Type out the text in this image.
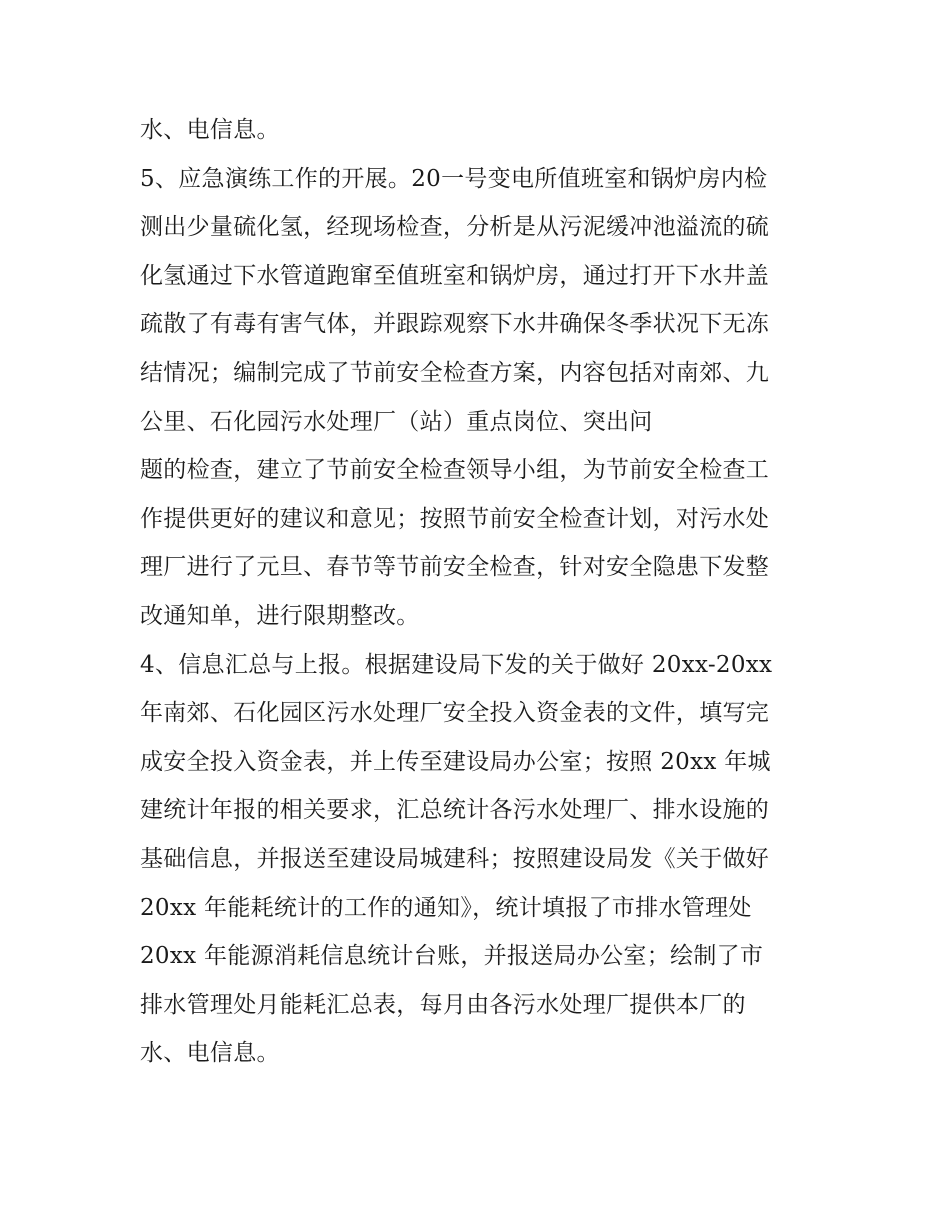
水、电信息。
5、应急演练工作的开展。20一号变电所值班室和锅炉房内检
测出少量硫化氢，经现场检查，分析是从污泥缓冲池溢流的硫
化氢通过下水管道跑窜至值班室和锅炉房，通过打开下水井盖
疏散了有毒有害气体，并跟踪观察下水井确保冬季状况下无冻
结情况；编制完成了节前安全检查方案，内容包括对南郊、九
公里、石化园污水处理厂（站）重点岗位、突出问
题的检查，建立了节前安全检查领导小组，为节前安全检查工
作提供更好的建议和意见；按照节前安全检查计划，对污水处
理厂进行了元旦、春节等节前安全检查，针对安全隐患下发整
改通知单，进行限期整改。
4、信息汇总与上报。根据建设局下发的关于做好 20xx-20xx
年南郊、石化园区污水处理厂安全投入资金表的文件，填写完
成安全投入资金表，并上传至建设局办公室；按照 20xx 年城
建统计年报的相关要求，汇总统计各污水处理厂、排水设施的
基础信息，并报送至建设局城建科；按照建设局发《关于做好
20xx 年能耗统计的工作的通知》，统计填报了市排水管理处
20xx 年能源消耗信息统计台账，并报送局办公室；绘制了市
排水管理处月能耗汇总表，每月由各污水处理厂提供本厂的
水、电信息。
